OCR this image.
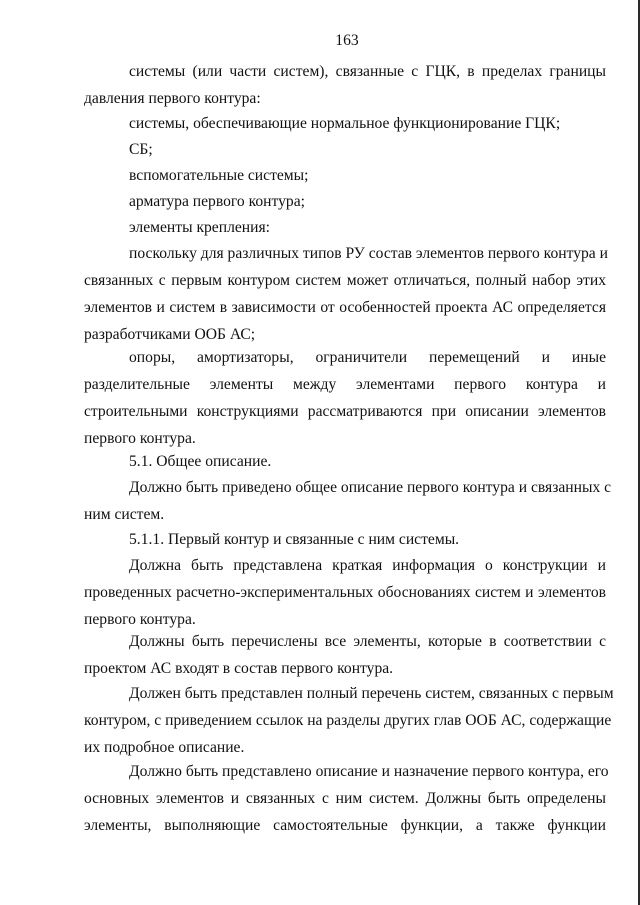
163

системы (или части систем), связанные с ГЦК, в пределах границы
давления первого контура:

системы, обеспечивающие нормальное функционирование ГЦК;

СБ;

вспомогательные системы;

арматура первого контура;

элементы крепления:

поскольку для различных типов РУ состав элементов первого контура и
связанных с первым контуром систем может отличаться, полный набор этих
элементов и систем в зависимости от особенностей проекта АС определяется
разработчиками ООБ АС;

опоры, амортизаторы, ограничители перемещений и иные
разделительные элементы между элементами первого контура и
строительными конструкциями рассматриваются при описании элементов
первого контура.

5.1. Общее описание.

Должно быть приведено общее описание первого контура и связанных с
ним систем.

5.1.1. Первый контур и связанные с ним системы.

Должна быть представлена краткая информация о конструкции и
проведенных расчетно-экспериментальных обоснованиях систем и элементов
первого контура.

Должны быть перечислены все элементы, которые в соответствии с
проектом АС входят в состав первого контура.

Должен быть представлен полный перечень систем, связанных с первым
контуром, с приведением ссылок на разделы других глав ООБ АС, содержащие
их подробное описание.

Должно быть представлено описание и назначение первого контура, его
основных элементов и связанных с ним систем. Должны быть определены
элементы, выполняющие самостоятельные функции, а также функции
